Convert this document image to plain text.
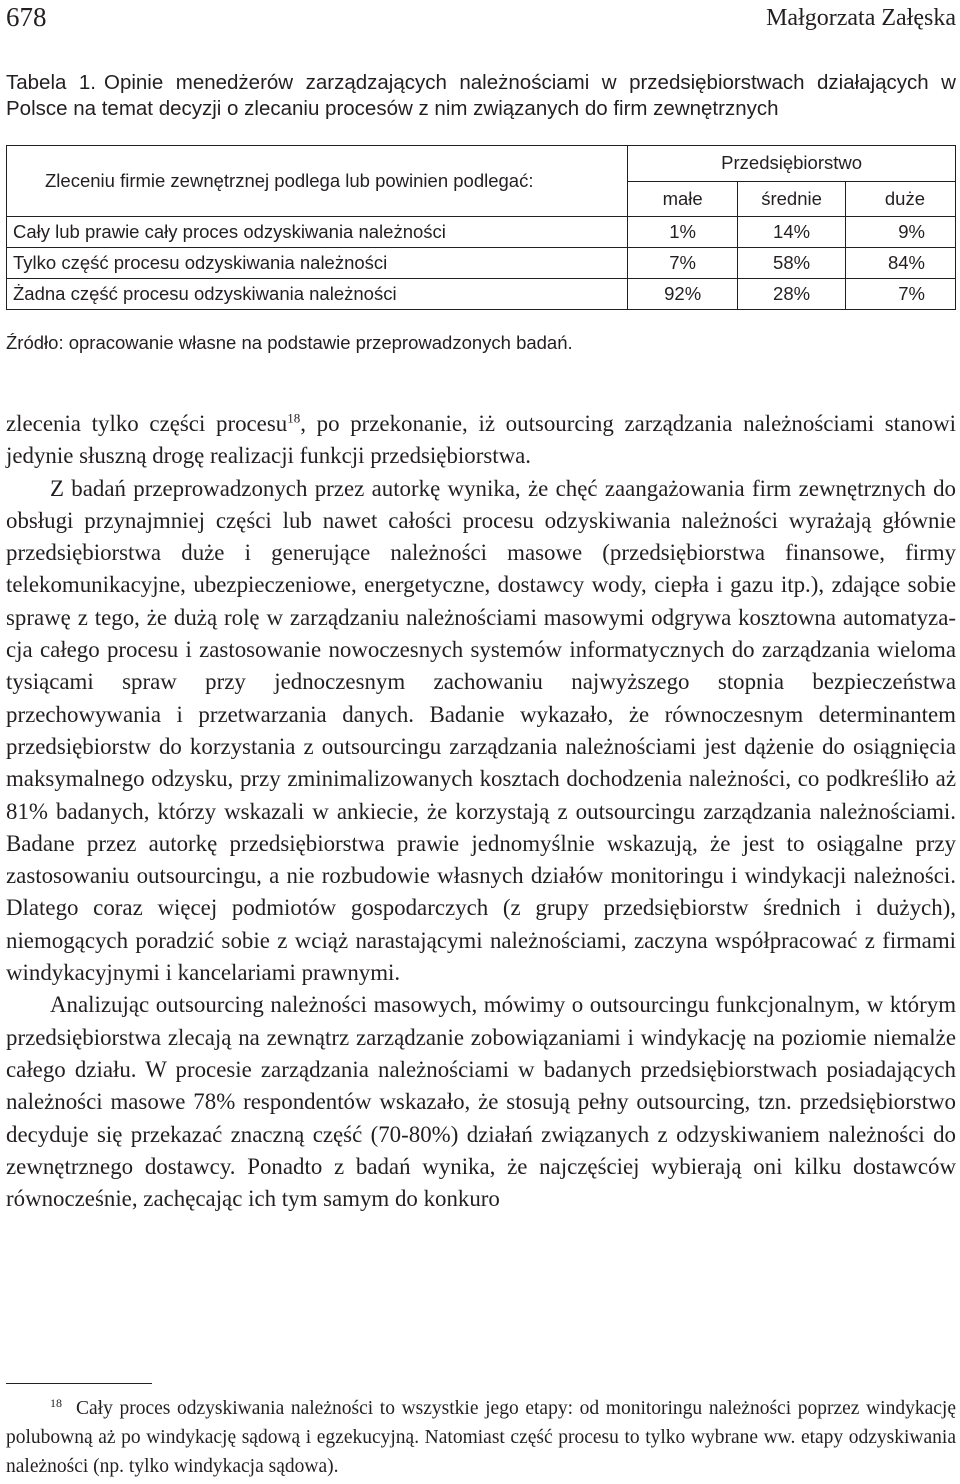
678	Małgorzata Załęska
Tabela 1. Opinie menedżerów zarządzających należnościami w przedsiębiorstwach działających w Polsce na temat decyzji o zlecaniu procesów z nim związanych do firm zewnętrznych
Zleceniu firmie zewnętrznej podlega lub powinien podlegać:	Przedsiębiorstwo		
	małe	średnie	duże
Cały lub prawie cały proces odzyskiwania należności	1%	14%	9%
Tylko część procesu odzyskiwania należności	7%	58%	84%
Żadna część procesu odzyskiwania należności	92%	28%	7%
Źródło: opracowanie własne na podstawie przeprowadzonych badań.

zlecenia tylko części procesu$^{18}$, po przekonanie, iż outsourcing zarządzania należnościami stanowi jedynie słuszną drogę realizacji funkcji przedsiębiorstwa.

Z badań przeprowadzonych przez autorkę wynika, że chęć zaangażowania firm zewnętrznych do obsługi przynajmniej części lub nawet całości procesu odzyskiwania należności wyrażają głównie przedsiębiorstwa duże i generujące należności masowe (przedsiębiorstwa finansowe, firmy telekomunikacyjne, ubezpieczeniowe, energetyczne, dostawcy wody, ciepła i gazu itp.), zdające sobie sprawę z tego, że dużą rolę w zarządzaniu należnościami masowymi odgrywa kosztowna automatyzacja całego procesu i zastosowanie nowoczesnych systemów informatycznych do zarządzania wieloma tysiącami spraw przy jednoczesnym zachowaniu najwyższego stopnia bezpieczeństwa przechowywania i przetwarzania danych. Badanie wykazało, że równoczesnym determinantem przedsiębiorstw do korzystania z outsourcingu zarządzania należnościami jest dążenie do osiągnięcia maksymalnego odzysku, przy zminimalizowanych kosztach dochodzenia należności, co podkreśliło aż 81% badanych, którzy wskazali w ankiecie, że korzystają z outsourcingu zarządzania należnościami. Badane przez autorkę przedsiębiorstwa prawie jednomyślnie wskazują, że jest to osiągalne przy zastosowaniu outsourcingu, a nie rozbudowie własnych działów monitoringu i windykacji należności. Dlatego coraz więcej podmiotów gospodarczych (z grupy przedsiębiorstw średnich i dużych), niemogących poradzić sobie z wciąż narastającymi należnościami, zaczyna współpracować z firmami windykacyjnymi i kancelariami prawnymi.

Analizując outsourcing należności masowych, mówimy o outsourcingu funkcjonalnym, w którym przedsiębiorstwa zlecają na zewnątrz zarządzanie zobowiązaniami i windykację na poziomie niemalże całego działu. W procesie zarządzania należnościami w badanych przedsiębiorstwach posiadających należności masowe 78% respondentów wskazało, że stosują pełny outsourcing, tzn. przedsiębiorstwo decyduje się przekazać znaczną część (70-80%) działań związanych z odzyskiwaniem należności do zewnętrznego dostawcy. Ponadto z badań wynika, że najczęściej wybierają oni kilku dostawców równocześnie, zachęcając ich tym samym do konkuro

$^{18}$ Cały proces odzyskiwania należności to wszystkie jego etapy: od monitoringu należności poprzez windykację polubowną aż po windykację sądową i egzekucyjną. Natomiast część procesu to tylko wybrane ww. etapy odzyskiwania należności (np. tylko windykacja sądowa).
